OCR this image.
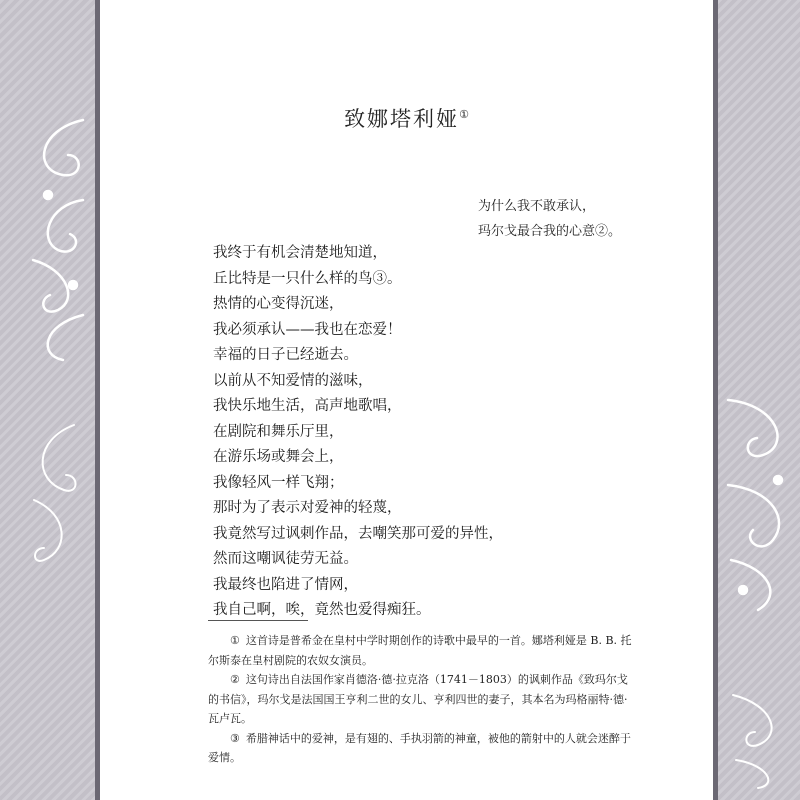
致娜塔利娅①
为什么我不敢承认，
玛尔戈最合我的心意②。
我终于有机会清楚地知道，
丘比特是一只什么样的鸟③。
热情的心变得沉迷，
我必须承认——我也在恋爱！
幸福的日子已经逝去。
以前从不知爱情的滋味，
我快乐地生活，高声地歌唱，
在剧院和舞乐厅里，
在游乐场或舞会上，
我像轻风一样飞翔；
那时为了表示对爱神的轻蔑，
我竟然写过讽刺作品，去嘲笑那可爱的异性，
然而这嘲讽徒劳无益。
我最终也陷进了情网，
我自己啊，唉，竟然也爱得痴狂。
① 这首诗是普希金在皇村中学时期创作的诗歌中最早的一首。娜塔利娅是 B. B. 托尔斯泰在皇村剧院的农奴女演员。
② 这句诗出自法国作家肖德洛·德·拉克洛（1741－1803）的讽刺作品《致玛尔戈的书信》，玛尔戈是法国国王亨利二世的女儿、亨利四世的妻子，其本名为玛格丽特·德·瓦卢瓦。
③ 希腊神话中的爱神，是有翅的、手执羽箭的神童，被他的箭射中的人就会迷醉于爱情。
